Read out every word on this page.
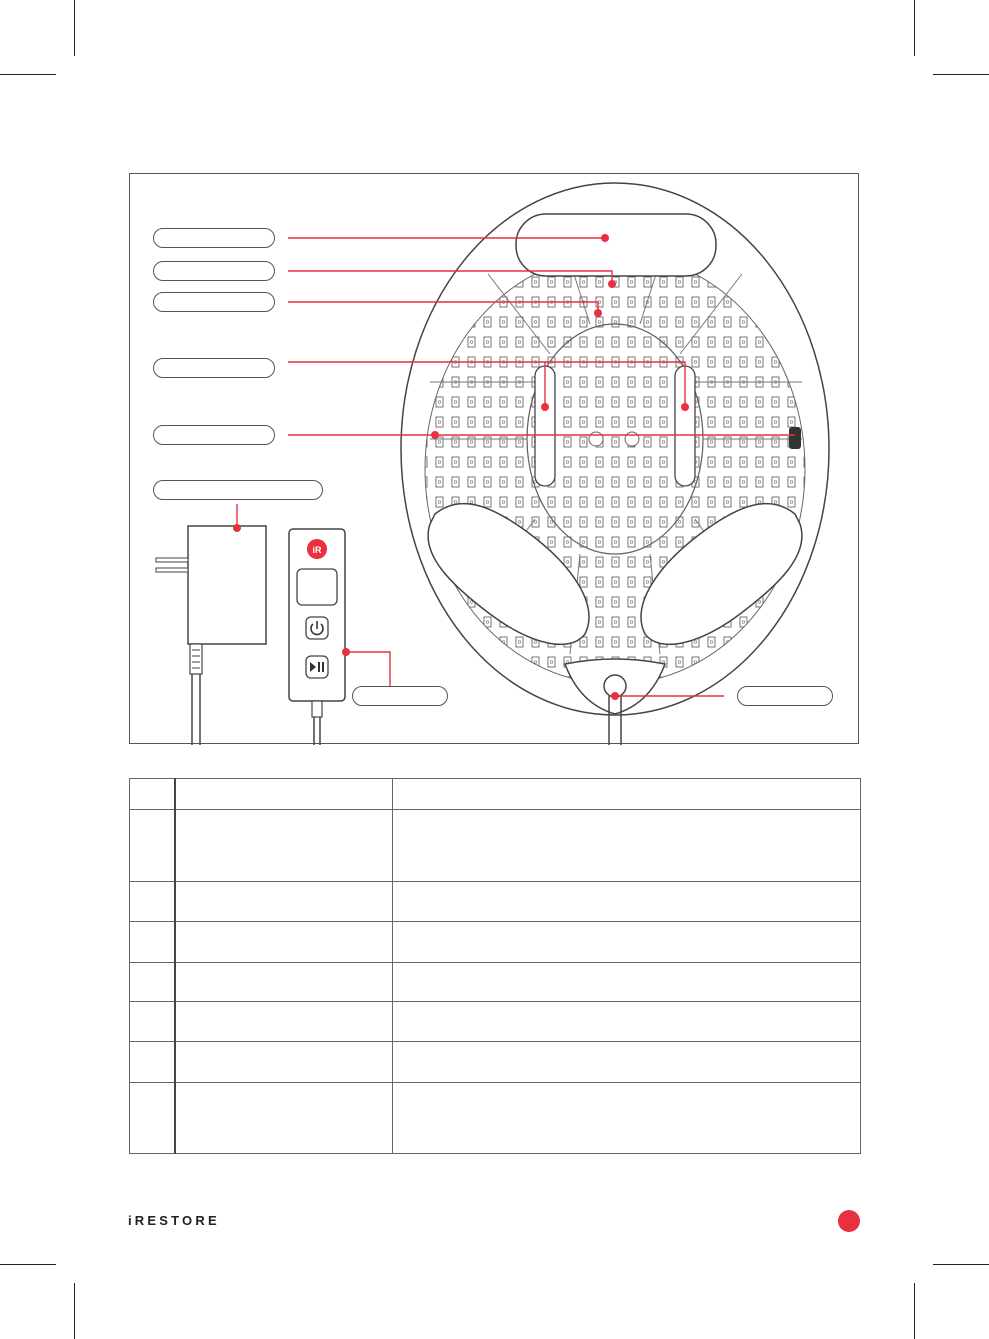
iR

iRESTORE
